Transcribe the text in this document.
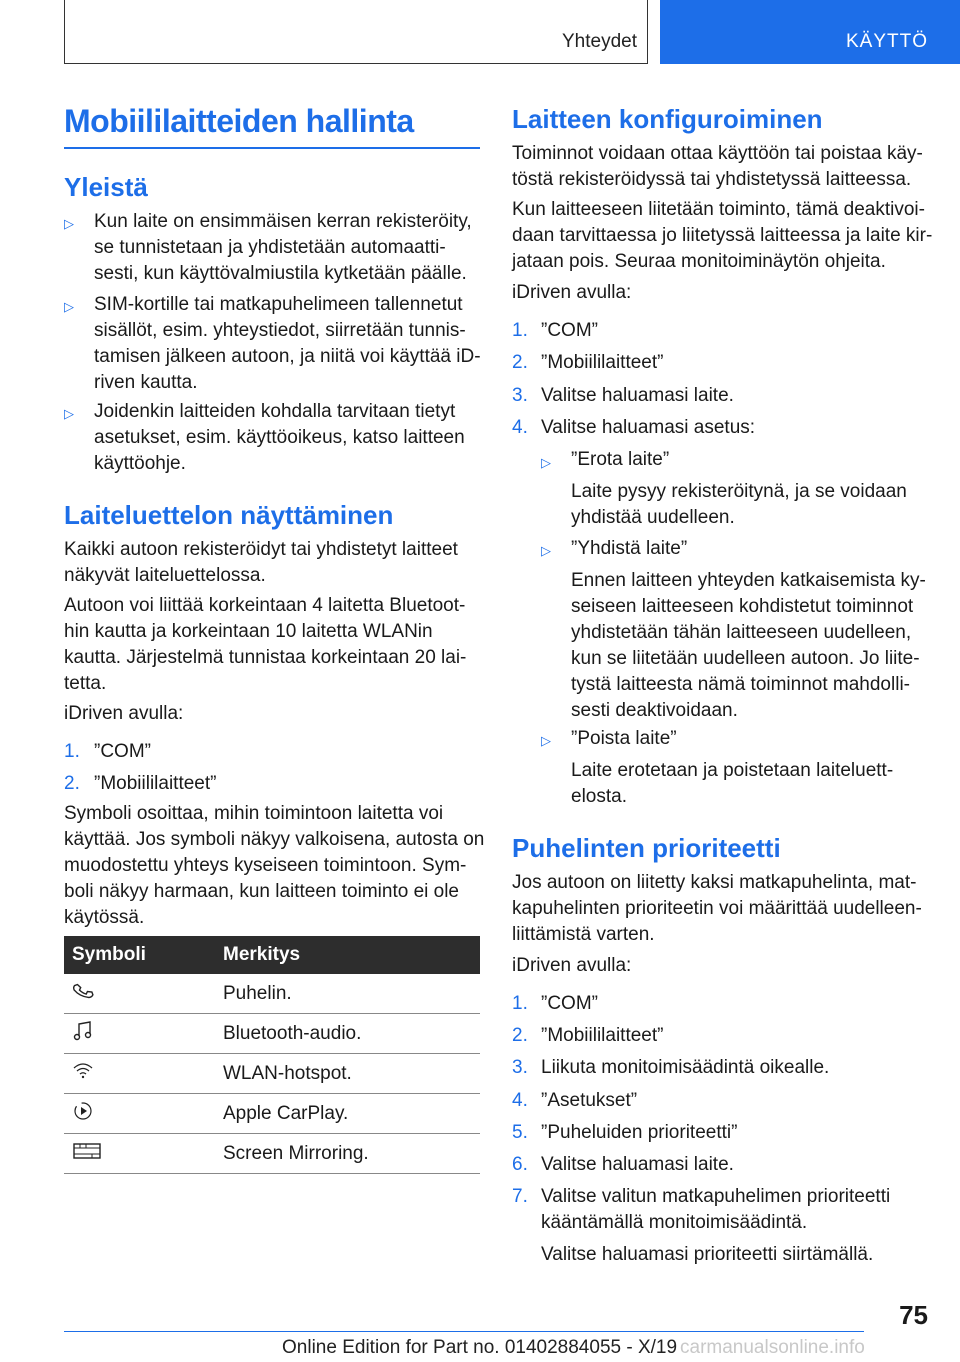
Yhteydet	KÄYTTÖ
Mobiililaitteiden hallinta
Yleistä
▷ Kun laite on ensimmäisen kerran rekisteröity,
se tunnistetaan ja yhdistetään automaatti‐
sesti, kun käyttövalmiustila kytketään päälle.
▷ SIM-kortille tai matkapuhelimeen tallennetut
sisällöt, esim. yhteystiedot, siirretään tunnis‐
tamisen jälkeen autoon, ja niitä voi käyttää iD‐
riven kautta.
▷ Joidenkin laitteiden kohdalla tarvitaan tietyt
asetukset, esim. käyttöoikeus, katso laitteen
käyttöohje.
Laiteluettelon näyttäminen
Kaikki autoon rekisteröidyt tai yhdistetyt laitteet
näkyvät laiteluettelossa.
Autoon voi liittää korkeintaan 4 laitetta Bluetoot‐
hin kautta ja korkeintaan 10 laitetta WLANin
kautta. Järjestelmä tunnistaa korkeintaan 20 lai‐
tetta.
iDriven avulla:
1. ”COM”
2. ”Mobiililaitteet”
Symboli osoittaa, mihin toimintoon laitetta voi
käyttää. Jos symboli näkyy valkoisena, autosta on
muodostettu yhteys kyseiseen toimintoon. Sym‐
boli näkyy harmaan, kun laitteen toiminto ei ole
käytössä.
Symboli	Merkitys
	Puhelin.
	Bluetooth-audio.
	WLAN-hotspot.
	Apple CarPlay.
	Screen Mirroring.
Laitteen konfiguroiminen
Toiminnot voidaan ottaa käyttöön tai poistaa käy‐
töstä rekisteröidyssä tai yhdistetyssä laitteessa.
Kun laitteeseen liitetään toiminto, tämä deaktivoi‐
daan tarvittaessa jo liitetyssä laitteessa ja laite kir‐
jataan pois. Seuraa monitoiminäytön ohjeita.
iDriven avulla:
1. ”COM”
2. ”Mobiililaitteet”
3. Valitse haluamasi laite.
4. Valitse haluamasi asetus:
▷ ”Erota laite”
Laite pysyy rekisteröitynä, ja se voidaan
yhdistää uudelleen.
▷ ”Yhdistä laite”
Ennen laitteen yhteyden katkaisemista ky‐
seiseen laitteeseen kohdistetut toiminnot
yhdistetään tähän laitteeseen uudelleen,
kun se liitetään uudelleen autoon. Jo liite‐
tystä laitteesta nämä toiminnot mahdolli‐
sesti deaktivoidaan.
▷ ”Poista laite”
Laite erotetaan ja poistetaan laiteluett‐
elosta.
Puhelinten prioriteetti
Jos autoon on liitetty kaksi matkapuhelinta, mat‐
kapuhelinten prioriteetin voi määrittää uudelleen‐
liittämistä varten.
iDriven avulla:
1. ”COM”
2. ”Mobiililaitteet”
3. Liikuta monitoimisäädintä oikealle.
4. ”Asetukset”
5. ”Puheluiden prioriteetti”
6. Valitse haluamasi laite.
7. Valitse valitun matkapuhelimen prioriteetti
kääntämällä monitoimisäädintä.
Valitse haluamasi prioriteetti siirtämällä.
75
Online Edition for Part no. 01402884055 - X/19 carmanualsonline.info
